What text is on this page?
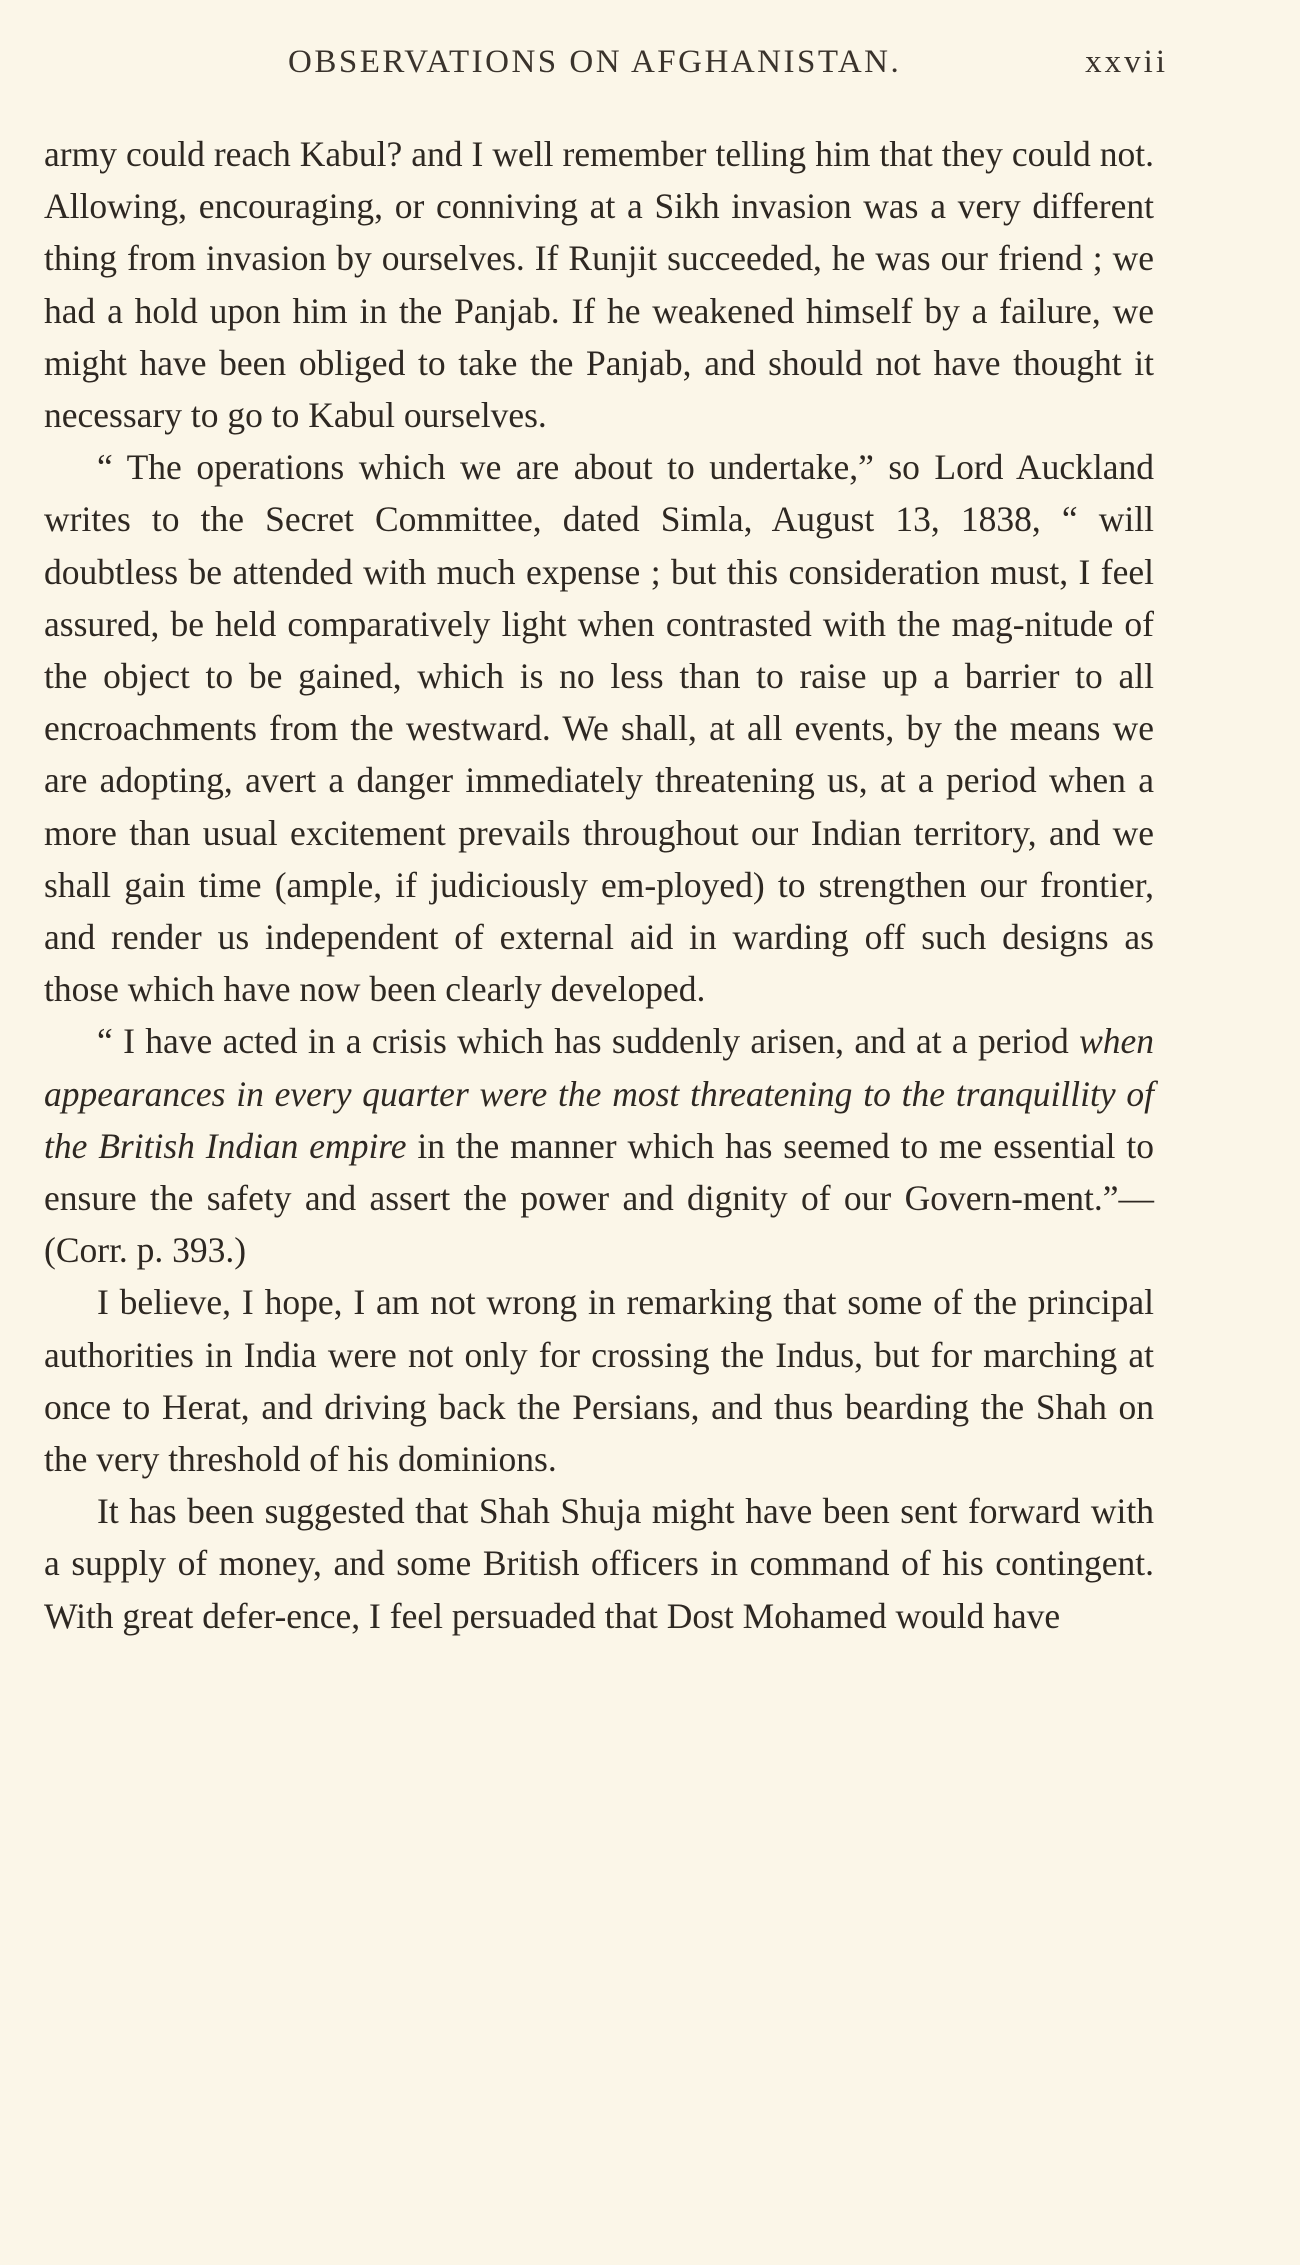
OBSERVATIONS ON AFGHANISTAN.	xxvii

army could reach Kabul? and I well remember telling him that they could not. Allowing, encouraging, or conniving at a Sikh invasion was a very different thing from invasion by ourselves. If Runjit succeeded, he was our friend ; we had a hold upon him in the Panjab. If he weakened himself by a failure, we might have been obliged to take the Panjab, and should not have thought it necessary to go to Kabul ourselves.

“ The operations which we are about to undertake,” so Lord Auckland writes to the Secret Committee, dated Simla, August 13, 1838, “ will doubtless be attended with much expense ; but this consideration must, I feel assured, be held comparatively light when contrasted with the mag-nitude of the object to be gained, which is no less than to raise up a barrier to all encroachments from the westward. We shall, at all events, by the means we are adopting, avert a danger immediately threatening us, at a period when a more than usual excitement prevails throughout our Indian territory, and we shall gain time (ample, if judiciously em-ployed) to strengthen our frontier, and render us independent of external aid in warding off such designs as those which have now been clearly developed.

“ I have acted in a crisis which has suddenly arisen, and at a period when appearances in every quarter were the most threatening to the tranquillity of the British Indian empire in the manner which has seemed to me essential to ensure the safety and assert the power and dignity of our Govern-ment.”—(Corr. p. 393.)

I believe, I hope, I am not wrong in remarking that some of the principal authorities in India were not only for crossing the Indus, but for marching at once to Herat, and driving back the Persians, and thus bearding the Shah on the very threshold of his dominions.

It has been suggested that Shah Shuja might have been sent forward with a supply of money, and some British officers in command of his contingent. With great defer-ence, I feel persuaded that Dost Mohamed would have
